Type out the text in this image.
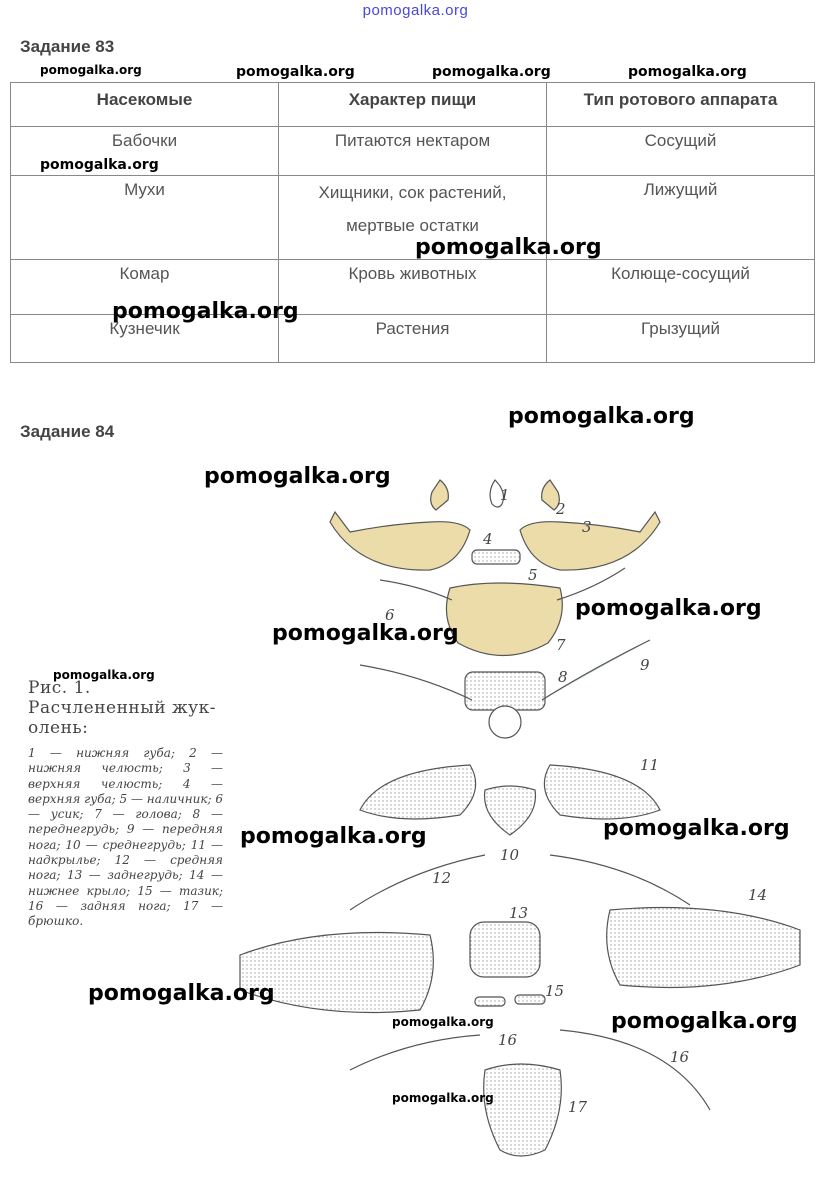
pomogalka.org
Задание 83
Насекомые	Характер пищи	Тип ротового аппарата
Бабочки	Питаются нектаром	Сосущий
Мухи	Хищники, сок растений, мертвые остатки	Лижущий
Комар	Кровь животных	Колюще-сосущий
Кузнечик	Растения	Грызущий
Задание 84
Рис. 1. Расчлененный жук-олень:
1 — нижняя губа; 2 — нижняя челюсть; 3 — верхняя челюсть; 4 — верхняя губа; 5 — наличник; 6 — усик; 7 — голова; 8 — переднегрудь; 9 — передняя нога; 10 — среднегрудь; 11 — надкрылье; 12 — средняя нога; 13 — заднегрудь; 14 — нижнее крыло; 15 — тазик; 16 — задняя нога; 17 — брюшко.
1
2
3
4
5
6
7
8
9
11
10
12
13
14
15
16
16
17
pomogalka.org	pomogalka.org	pomogalka.org	pomogalka.org
pomogalka.org
pomogalka.org
pomogalka.org
pomogalka.org
pomogalka.org
pomogalka.org
pomogalka.org
pomogalka.org
pomogalka.org
pomogalka.org
pomogalka.org
pomogalka.org
pomogalka.org
pomogalka.org
